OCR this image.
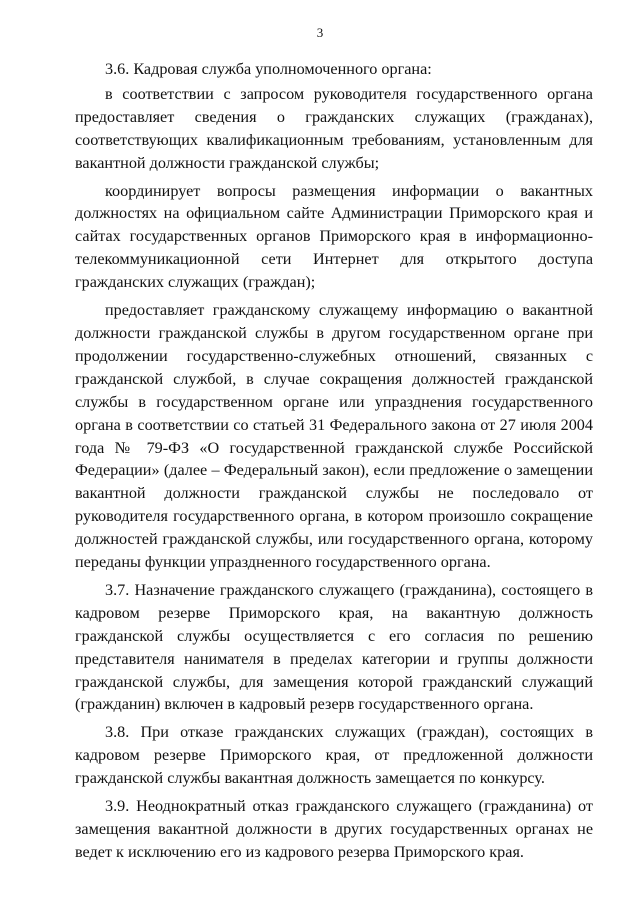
3

3.6. Кадровая служба уполномоченного органа:

в соответствии с запросом руководителя государственного органа предоставляет сведения о гражданских служащих (гражданах), соответствующих квалификационным требованиям, установленным для вакантной должности гражданской службы;

координирует вопросы размещения информации о вакантных должностях на официальном сайте Администрации Приморского края и сайтах государственных органов Приморского края в информационно-телекоммуникационной сети Интернет для открытого доступа гражданских служащих (граждан);

предоставляет гражданскому служащему информацию о вакантной должности гражданской службы в другом государственном органе при продолжении государственно-служебных отношений, связанных с гражданской службой, в случае сокращения должностей гражданской службы в государственном органе или упразднения государственного органа в соответствии со статьей 31 Федерального закона от 27 июля 2004 года № 79-ФЗ «О государственной гражданской службе Российской Федерации» (далее – Федеральный закон), если предложение о замещении вакантной должности гражданской службы не последовало от руководителя государственного органа, в котором произошло сокращение должностей гражданской службы, или государственного органа, которому переданы функции упраздненного государственного органа.

3.7. Назначение гражданского служащего (гражданина), состоящего в кадровом резерве Приморского края, на вакантную должность гражданской службы осуществляется с его согласия по решению представителя нанимателя в пределах категории и группы должности гражданской службы, для замещения которой гражданский служащий (гражданин) включен в кадровый резерв государственного органа.

3.8. При отказе гражданских служащих (граждан), состоящих в кадровом резерве Приморского края, от предложенной должности гражданской службы вакантная должность замещается по конкурсу.

3.9. Неоднократный отказ гражданского служащего (гражданина) от замещения вакантной должности в других государственных органах не ведет к исключению его из кадрового резерва Приморского края.
